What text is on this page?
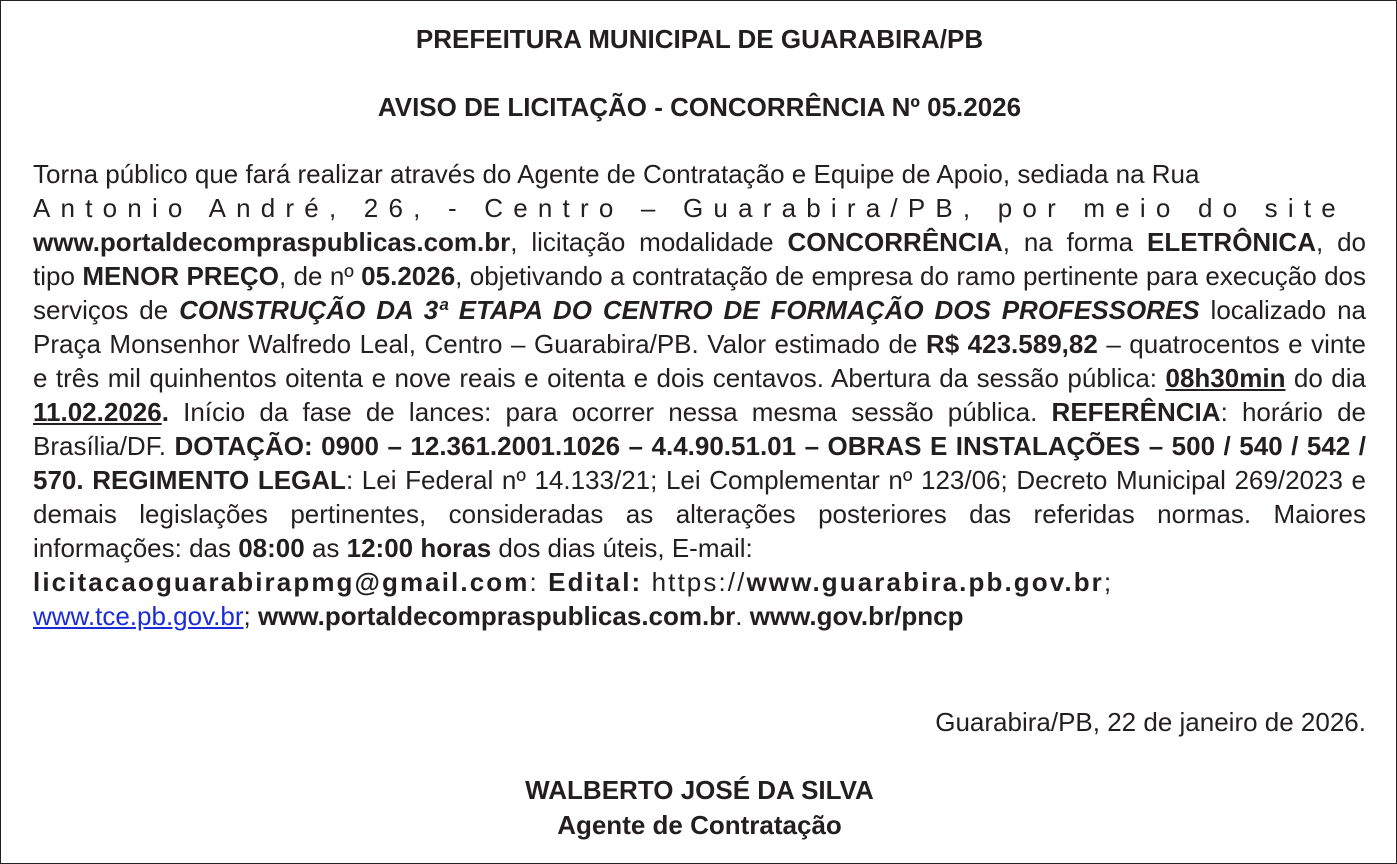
PREFEITURA MUNICIPAL DE GUARABIRA/PB
AVISO DE LICITAÇÃO - CONCORRÊNCIA Nº 05.2026
Torna público que fará realizar através do Agente de Contratação e Equipe de Apoio, sediada na Rua
Antonio André, 26, - Centro – Guarabira/PB, por meio do site
www.portaldecompraspublicas.com.br, licitação modalidade CONCORRÊNCIA, na forma ELETRÔNICA, do tipo MENOR PREÇO, de nº 05.2026, objetivando a contratação de empresa do ramo pertinente para execução dos serviços de CONSTRUÇÃO DA 3ª ETAPA DO CENTRO DE FORMAÇÃO DOS PROFESSORES localizado na Praça Monsenhor Walfredo Leal, Centro – Guarabira/PB. Valor estimado de R$ 423.589,82 – quatrocentos e vinte e três mil quinhentos oitenta e nove reais e oitenta e dois centavos. Abertura da sessão pública: 08h30min do dia 11.02.2026. Início da fase de lances: para ocorrer nessa mesma sessão pública. REFERÊNCIA: horário de Brasília/DF. DOTAÇÃO: 0900 – 12.361.2001.1026 – 4.4.90.51.01 – OBRAS E INSTALAÇÕES – 500 / 540 / 542 / 570. REGIMENTO LEGAL: Lei Federal nº 14.133/21; Lei Complementar nº 123/06; Decreto Municipal 269/2023 e demais legislações pertinentes, consideradas as alterações posteriores das referidas normas. Maiores informações: das 08:00 as 12:00 horas dos dias úteis, E-mail:
licitacaoguarabirapmg@gmail.com: Edital: https://www.guarabira.pb.gov.br;
www.tce.pb.gov.br; www.portaldecompraspublicas.com.br. www.gov.br/pncp
Guarabira/PB, 22 de janeiro de 2026.
WALBERTO JOSÉ DA SILVA
Agente de Contratação
